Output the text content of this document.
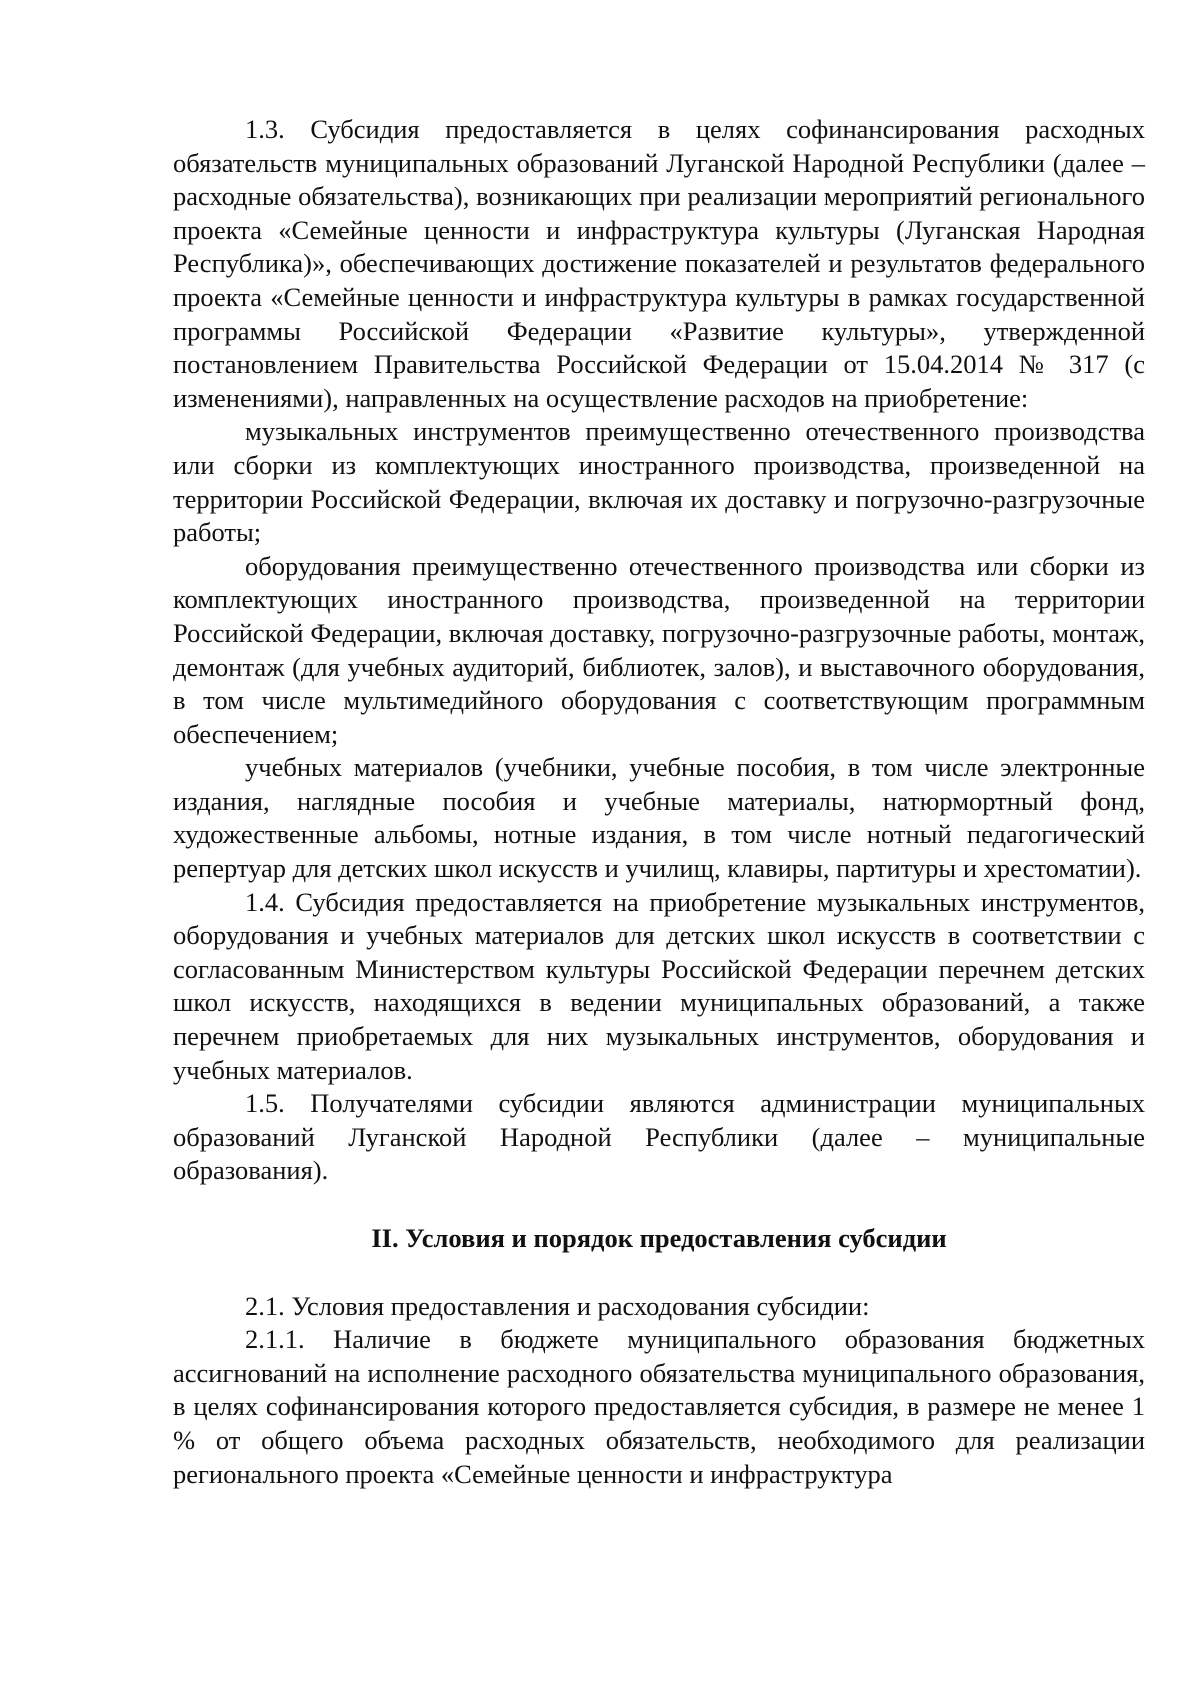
1.3. Субсидия предоставляется в целях софинансирования расходных обязательств муниципальных образований Луганской Народной Республики (далее – расходные обязательства), возникающих при реализации мероприятий регионального проекта «Семейные ценности и инфраструктура культуры (Луганская Народная Республика)», обеспечивающих достижение показателей и результатов федерального проекта «Семейные ценности и инфраструктура культуры в рамках государственной программы Российской Федерации «Развитие культуры», утвержденной постановлением Правительства Российской Федерации от 15.04.2014 № 317 (с изменениями), направленных на осуществление расходов на приобретение:

музыкальных инструментов преимущественно отечественного производства или сборки из комплектующих иностранного производства, произведенной на территории Российской Федерации, включая их доставку и погрузочно-разгрузочные работы;

оборудования преимущественно отечественного производства или сборки из комплектующих иностранного производства, произведенной на территории Российской Федерации, включая доставку, погрузочно-разгрузочные работы, монтаж, демонтаж (для учебных аудиторий, библиотек, залов), и выставочного оборудования, в том числе мультимедийного оборудования с соответствующим программным обеспечением;

учебных материалов (учебники, учебные пособия, в том числе электронные издания, наглядные пособия и учебные материалы, натюрмортный фонд, художественные альбомы, нотные издания, в том числе нотный педагогический репертуар для детских школ искусств и училищ, клавиры, партитуры и хрестоматии).

1.4. Субсидия предоставляется на приобретение музыкальных инструментов, оборудования и учебных материалов для детских школ искусств в соответствии с согласованным Министерством культуры Российской Федерации перечнем детских школ искусств, находящихся в ведении муниципальных образований, а также перечнем приобретаемых для них музыкальных инструментов, оборудования и учебных материалов.

1.5. Получателями субсидии являются администрации муниципальных образований Луганской Народной Республики (далее – муниципальные образования).

II. Условия и порядок предоставления субсидии

2.1. Условия предоставления и расходования субсидии:

2.1.1. Наличие в бюджете муниципального образования бюджетных ассигнований на исполнение расходного обязательства муниципального образования, в целях софинансирования которого предоставляется субсидия, в размере не менее 1 % от общего объема расходных обязательств, необходимого для реализации регионального проекта «Семейные ценности и инфраструктура
